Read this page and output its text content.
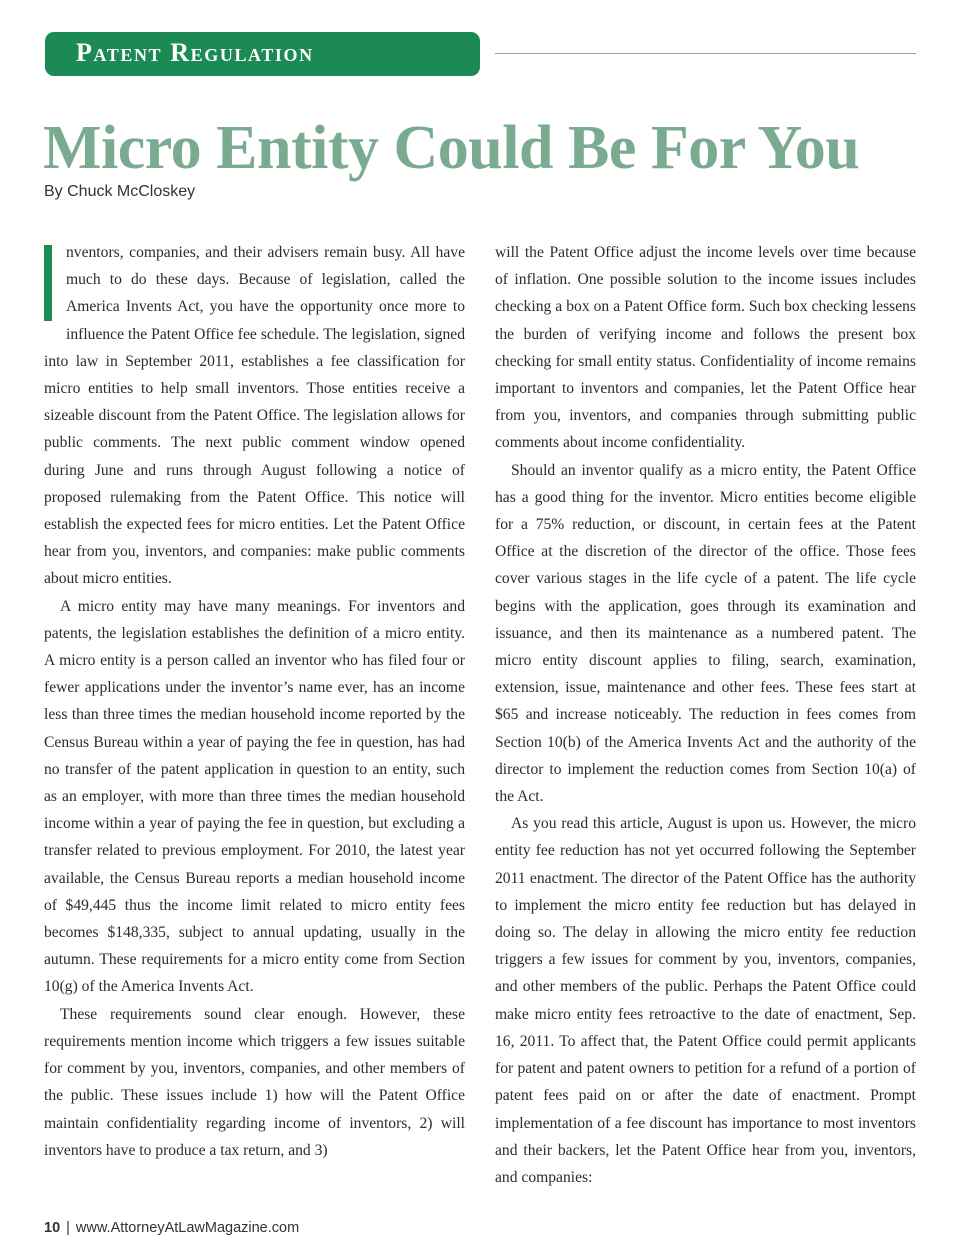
Patent Regulation
Micro Entity Could Be For You
By Chuck McCloskey

nventors, companies, and their advisers remain busy. All have much to do these days. Because of legislation, called the America Invents Act, you have the opportunity once more to influence the Patent Office fee schedule. The legislation, signed into law in September 2011, establishes a fee classification for micro entities to help small inventors. Those entities receive a sizeable discount from the Patent Office. The legislation allows for public comments. The next public comment window opened during June and runs through August following a notice of proposed rulemaking from the Patent Office. This notice will establish the expected fees for micro entities. Let the Patent Office hear from you, inventors, and companies: make public comments about micro entities.

A micro entity may have many meanings. For inventors and patents, the legislation establishes the definition of a micro entity. A micro entity is a person called an inventor who has filed four or fewer applications under the inventor’s name ever, has an income less than three times the median household income reported by the Census Bureau within a year of paying the fee in question, has had no transfer of the patent application in question to an entity, such as an employer, with more than three times the median household income within a year of paying the fee in question, but excluding a transfer related to previous employment. For 2010, the latest year available, the Census Bureau reports a median household income of $49,445 thus the income limit related to micro entity fees becomes $148,335, subject to annual updating, usually in the autumn. These requirements for a micro entity come from Section 10(g) of the America Invents Act.

These requirements sound clear enough. However, these requirements mention income which triggers a few issues suitable for comment by you, inventors, companies, and other members of the public. These issues include 1) how will the Patent Office maintain confidentiality regarding income of inventors, 2) will inventors have to produce a tax return, and 3)

will the Patent Office adjust the income levels over time because of inflation. One possible solution to the income issues includes checking a box on a Patent Office form. Such box checking lessens the burden of verifying income and follows the present box checking for small entity status. Confidentiality of income remains important to inventors and companies, let the Patent Office hear from you, inventors, and companies through submitting public comments about income confidentiality.

Should an inventor qualify as a micro entity, the Patent Office has a good thing for the inventor. Micro entities become eligible for a 75% reduction, or discount, in certain fees at the Patent Office at the discretion of the director of the office. Those fees cover various stages in the life cycle of a patent. The life cycle begins with the application, goes through its examination and issuance, and then its maintenance as a numbered patent. The micro entity discount applies to filing, search, examination, extension, issue, maintenance and other fees. These fees start at $65 and increase noticeably. The reduction in fees comes from Section 10(b) of the America Invents Act and the authority of the director to implement the reduction comes from Section 10(a) of the Act.

As you read this article, August is upon us. However, the micro entity fee reduction has not yet occurred following the September 2011 enactment. The director of the Patent Office has the authority to implement the micro entity fee reduction but has delayed in doing so. The delay in allowing the micro entity fee reduction triggers a few issues for comment by you, inventors, companies, and other members of the public. Perhaps the Patent Office could make micro entity fees retroactive to the date of enactment, Sep. 16, 2011. To affect that, the Patent Office could permit applicants for patent and patent owners to petition for a refund of a portion of patent fees paid on or after the date of enactment. Prompt implementation of a fee discount has importance to most inventors and their backers, let the Patent Office hear from you, inventors, and companies:

10 | www.AttorneyAtLawMagazine.com
